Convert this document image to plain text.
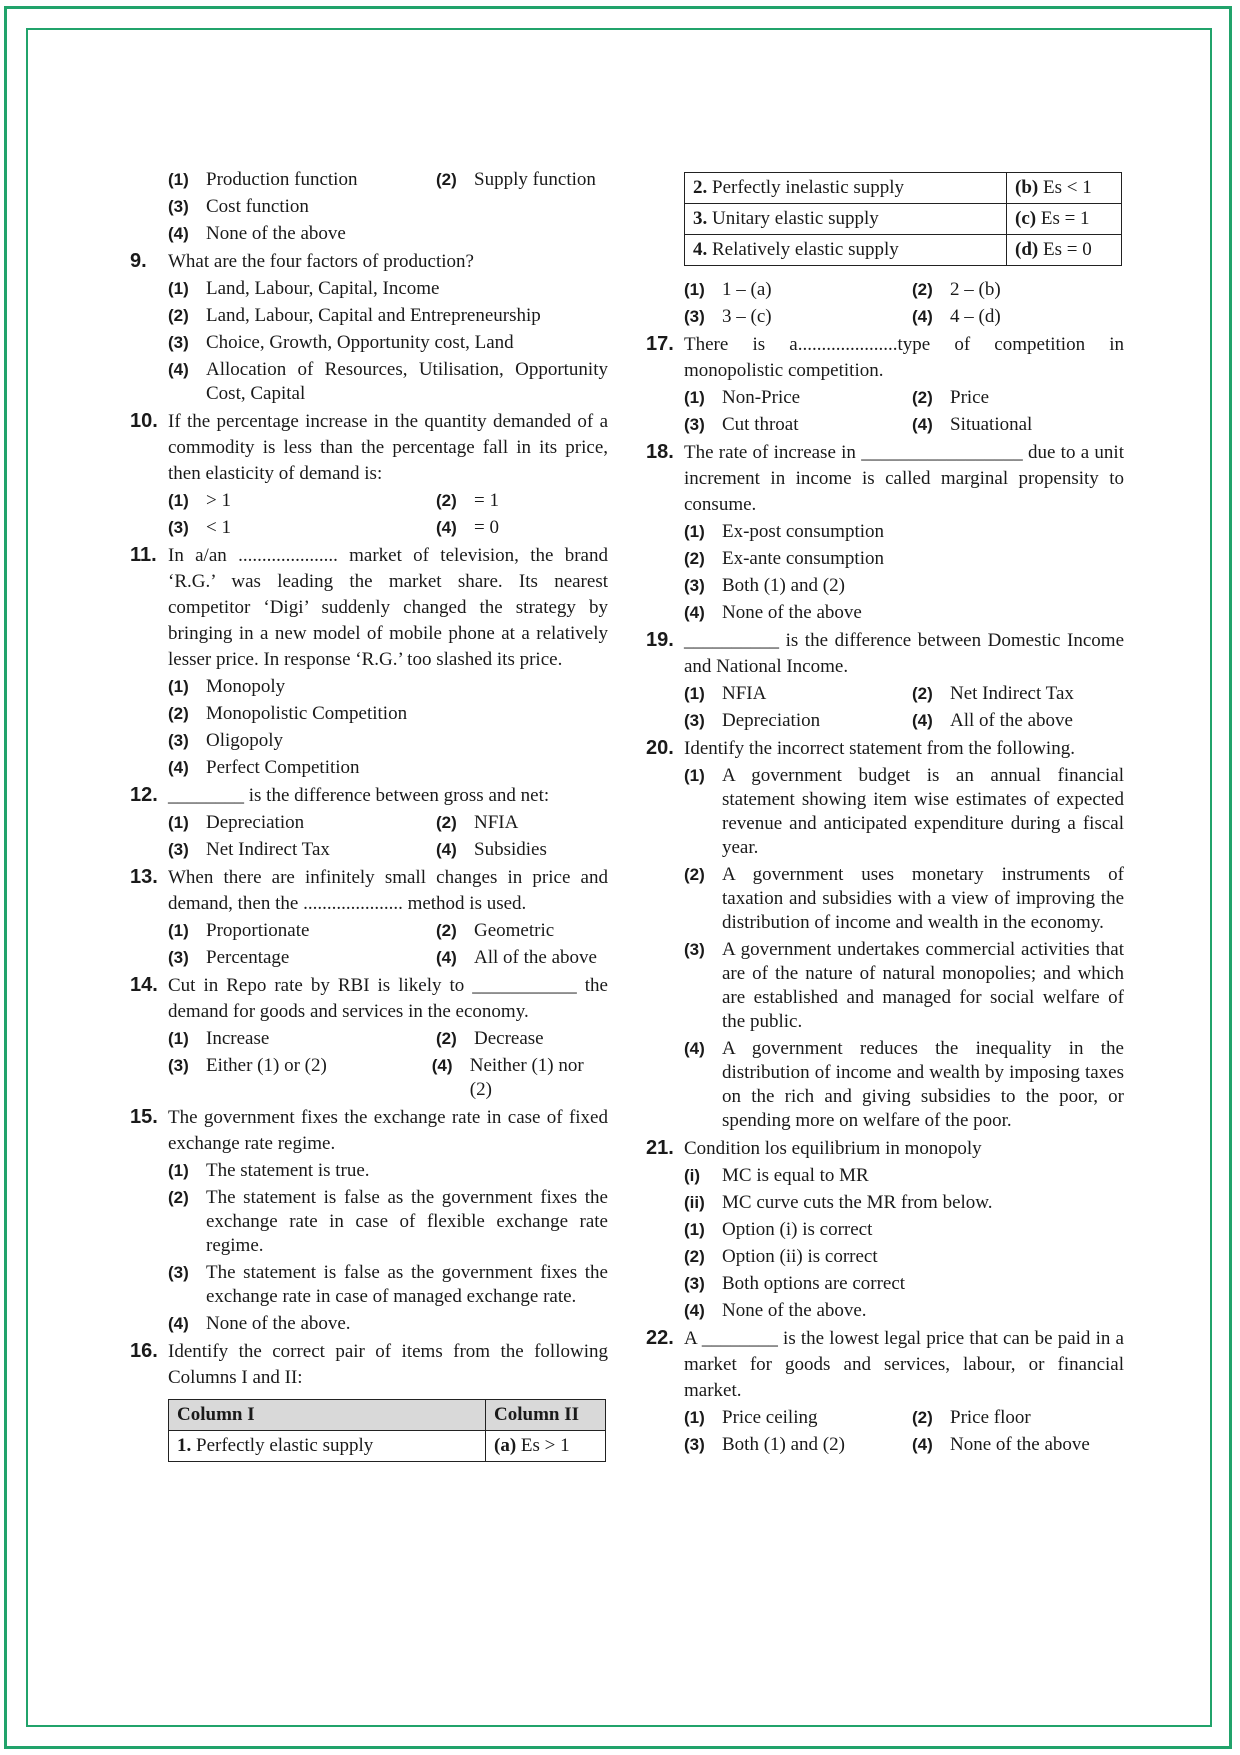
(1) Production function	(2) Supply function
(3) Cost function
(4) None of the above
9. What are the four factors of production?
(1) Land, Labour, Capital, Income
(2) Land, Labour, Capital and Entrepreneurship
(3) Choice, Growth, Opportunity cost, Land
(4) Allocation of Resources, Utilisation, Opportunity Cost, Capital
10. If the percentage increase in the quantity demanded of a commodity is less than the percentage fall in its price, then elasticity of demand is:
(1) > 1	(2) = 1
(3) < 1	(4) = 0
11. In a/an ..................... market of television, the brand ‘R.G.’ was leading the market share. Its nearest competitor ‘Digi’ suddenly changed the strategy by bringing in a new model of mobile phone at a relatively lesser price. In response ‘R.G.’ too slashed its price.
(1) Monopoly
(2) Monopolistic Competition
(3) Oligopoly
(4) Perfect Competition
12. ________ is the difference between gross and net:
(1) Depreciation	(2) NFIA
(3) Net Indirect Tax	(4) Subsidies
13. When there are infinitely small changes in price and demand, then the ..................... method is used.
(1) Proportionate	(2) Geometric
(3) Percentage	(4) All of the above
14. Cut in Repo rate by RBI is likely to ___________ the demand for goods and services in the economy.
(1) Increase	(2) Decrease
(3) Either (1) or (2)	(4) Neither (1) nor (2)
15. The government fixes the exchange rate in case of fixed exchange rate regime.
(1) The statement is true.
(2) The statement is false as the government fixes the exchange rate in case of flexible exchange rate regime.
(3) The statement is false as the government fixes the exchange rate in case of managed exchange rate.
(4) None of the above.
16. Identify the correct pair of items from the following Columns I and II:
Column I	Column II
1. Perfectly elastic supply	(a) Es > 1
2. Perfectly inelastic supply	(b) Es < 1
3. Unitary elastic supply	(c) Es = 1
4. Relatively elastic supply	(d) Es = 0
(1) 1 – (a)	(2) 2 – (b)
(3) 3 – (c)	(4) 4 – (d)
17. There is a.....................type of competition in monopolistic competition.
(1) Non-Price	(2) Price
(3) Cut throat	(4) Situational
18. The rate of increase in _________________ due to a unit increment in income is called marginal propensity to consume.
(1) Ex-post consumption
(2) Ex-ante consumption
(3) Both (1) and (2)
(4) None of the above
19. __________ is the difference between Domestic Income and National Income.
(1) NFIA	(2) Net Indirect Tax
(3) Depreciation	(4) All of the above
20. Identify the incorrect statement from the following.
(1) A government budget is an annual financial statement showing item wise estimates of expected revenue and anticipated expenditure during a fiscal year.
(2) A government uses monetary instruments of taxation and subsidies with a view of improving the distribution of income and wealth in the economy.
(3) A government undertakes commercial activities that are of the nature of natural monopolies; and which are established and managed for social welfare of the public.
(4) A government reduces the inequality in the distribution of income and wealth by imposing taxes on the rich and giving subsidies to the poor, or spending more on welfare of the poor.
21. Condition los equilibrium in monopoly
(i) MC is equal to MR
(ii) MC curve cuts the MR from below.
(1) Option (i) is correct
(2) Option (ii) is correct
(3) Both options are correct
(4) None of the above.
22. A ________ is the lowest legal price that can be paid in a market for goods and services, labour, or financial market.
(1) Price ceiling	(2) Price floor
(3) Both (1) and (2)	(4) None of the above
